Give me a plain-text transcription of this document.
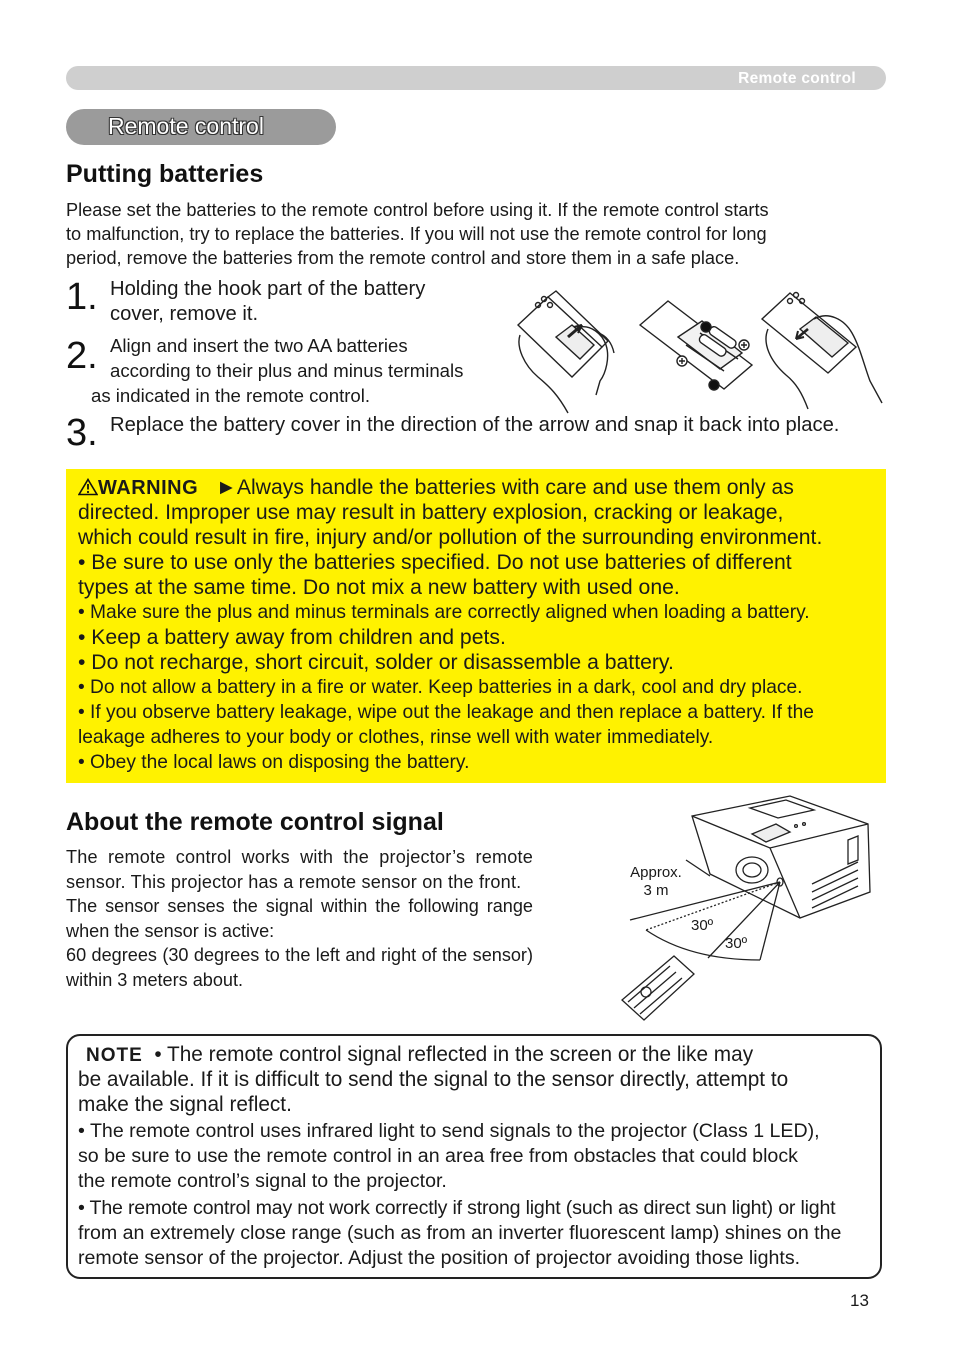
Remote control
Remote control
Putting batteries
Please set the batteries to the remote control before using it. If the remote control starts
to malfunction, try to replace the batteries. If you will not use the remote control for long
period, remove the batteries from the remote control and store them in a safe place.
1. Holding the hook part of the battery
cover, remove it.
2. Align and insert the two AA batteries
according to their plus and minus terminals
as indicated in the remote control.
3. Replace the battery cover in the direction of the arrow and snap it back into place.
WARNING ►Always handle the batteries with care and use them only as
directed. Improper use may result in battery explosion, cracking or leakage,
which could result in fire, injury and/or pollution of the surrounding environment.
• Be sure to use only the batteries specified. Do not use batteries of different
types at the same time. Do not mix a new battery with used one.
• Make sure the plus and minus terminals are correctly aligned when loading a battery.
• Keep a battery away from children and pets.
• Do not recharge, short circuit, solder or disassemble a battery.
• Do not allow a battery in a fire or water. Keep batteries in a dark, cool and dry place.
• If you observe battery leakage, wipe out the leakage and then replace a battery. If the
leakage adheres to your body or clothes, rinse well with water immediately.
• Obey the local laws on disposing the battery.
About the remote control signal

The remote control works with the projector’s remote sensor. This projector has a remote sensor on the front.

The sensor senses the signal within the following range when the sensor is active:

60 degrees (30 degrees to the left and right of the sensor) within 3 meters about.

Approx.
3 m
30º
30º
NOTE • The remote control signal reflected in the screen or the like may
be available. If it is difficult to send the signal to the sensor directly, attempt to
make the signal reflect.
• The remote control uses infrared light to send signals to the projector (Class 1 LED),
so be sure to use the remote control in an area free from obstacles that could block
the remote control’s signal to the projector.
• The remote control may not work correctly if strong light (such as direct sun light) or light
from an extremely close range (such as from an inverter fluorescent lamp) shines on the
remote sensor of the projector. Adjust the position of projector avoiding those lights.
13
